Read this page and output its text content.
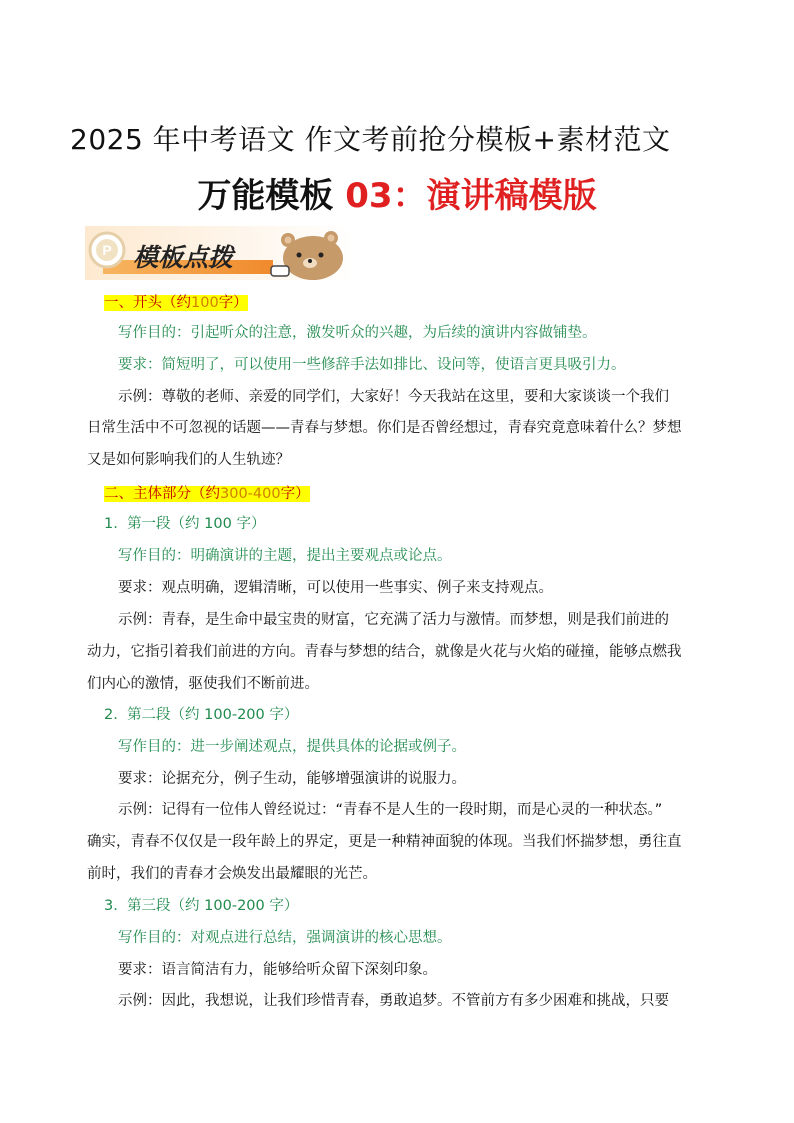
2025 年中考语文 作文考前抢分模板+素材范文
万能模板 03：演讲稿模版
P 模板点拨
一、开头（约100字）
写作目的：引起听众的注意，激发听众的兴趣，为后续的演讲内容做铺垫。
要求：简短明了，可以使用一些修辞手法如排比、设问等，使语言更具吸引力。
示例：尊敬的老师、亲爱的同学们，大家好！今天我站在这里，要和大家谈谈一个我们
日常生活中不可忽视的话题——青春与梦想。你们是否曾经想过，青春究竟意味着什么？梦想
又是如何影响我们的人生轨迹？
二、主体部分（约300-400字）
1. 第一段（约 100 字）
写作目的：明确演讲的主题，提出主要观点或论点。
要求：观点明确，逻辑清晰，可以使用一些事实、例子来支持观点。
示例：青春，是生命中最宝贵的财富，它充满了活力与激情。而梦想，则是我们前进的
动力，它指引着我们前进的方向。青春与梦想的结合，就像是火花与火焰的碰撞，能够点燃我
们内心的激情，驱使我们不断前进。
2. 第二段（约 100-200 字）
写作目的：进一步阐述观点，提供具体的论据或例子。
要求：论据充分，例子生动，能够增强演讲的说服力。
示例：记得有一位伟人曾经说过：“青春不是人生的一段时期，而是心灵的一种状态。”
确实，青春不仅仅是一段年龄上的界定，更是一种精神面貌的体现。当我们怀揣梦想，勇往直
前时，我们的青春才会焕发出最耀眼的光芒。
3. 第三段（约 100-200 字）
写作目的：对观点进行总结，强调演讲的核心思想。
要求：语言简洁有力，能够给听众留下深刻印象。
示例：因此，我想说，让我们珍惜青春，勇敢追梦。不管前方有多少困难和挑战，只要
